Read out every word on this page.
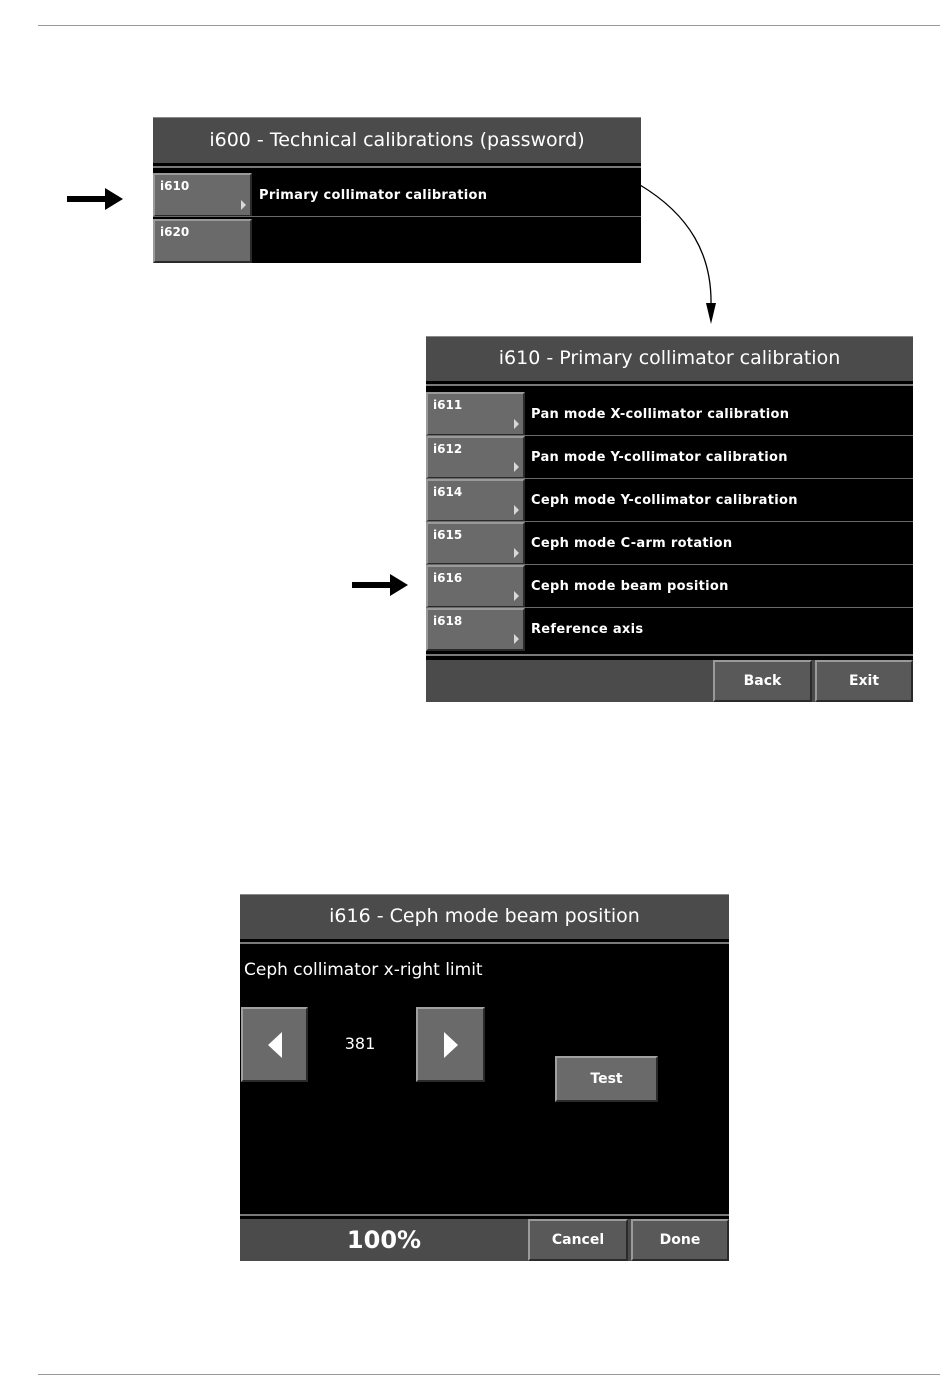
i600 - Technical calibrations (password)
i610
Primary collimator calibration
i620
i610 - Primary collimator calibration
i611
Pan mode X-collimator calibration
i612
Pan mode Y-collimator calibration
i614
Ceph mode Y-collimator calibration
i615
Ceph mode C-arm rotation
i616
Ceph mode beam position
i618
Reference axis
Back	Exit
i616 - Ceph mode beam position
Ceph collimator x-right limit
381
Test
100%	Cancel	Done
